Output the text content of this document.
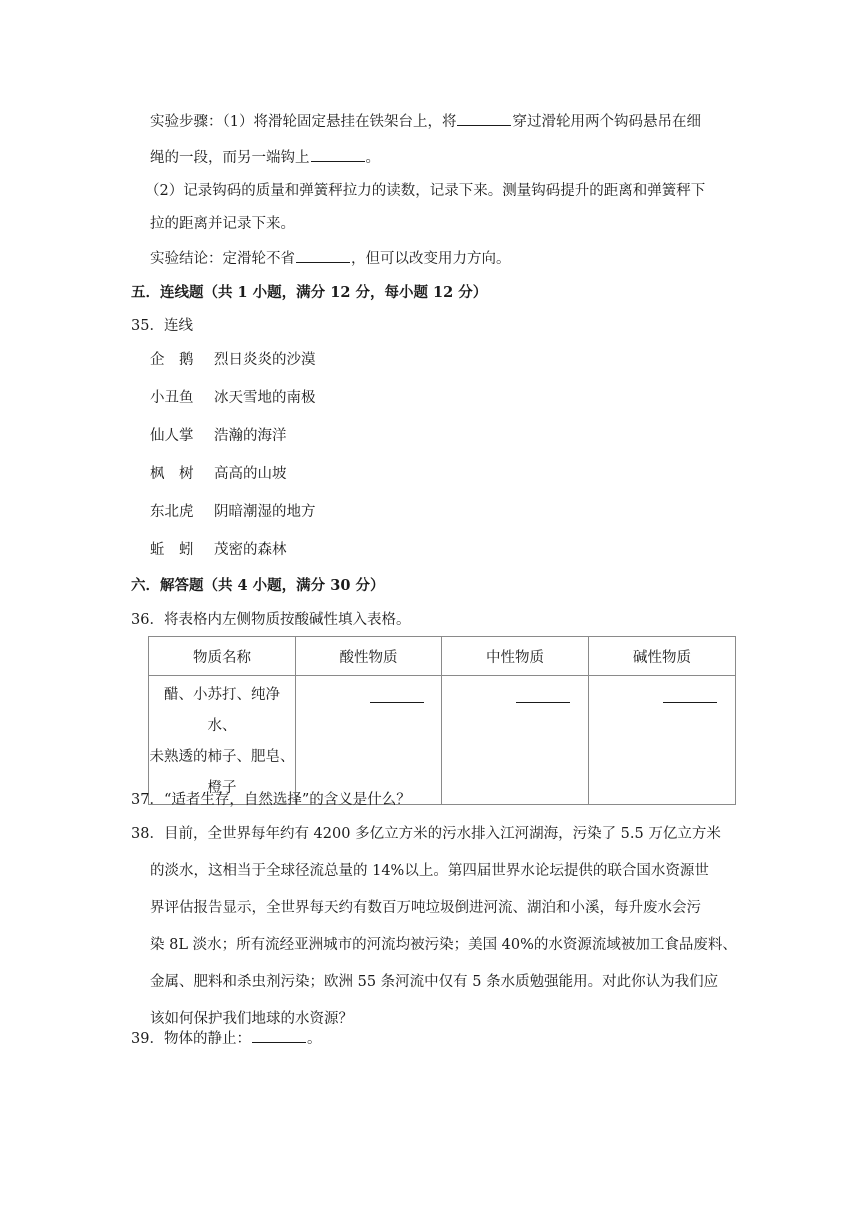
实验步骤：（1）将滑轮固定悬挂在铁架台上，将	穿过滑轮用两个钩码悬吊在细
绳的一段，而另一端钩上	。
（2）记录钩码的质量和弹簧秤拉力的读数，记录下来。测量钩码提升的距离和弹簧秤下
拉的距离并记录下来。
实验结论：定滑轮不省	，但可以改变用力方向。
五．连线题（共 1 小题，满分 12 分，每小题 12 分）
35．连线
企　鹅 烈日炎炎的沙漠
小丑鱼 冰天雪地的南极
仙人掌 浩瀚的海洋
枫　树 高高的山坡
东北虎 阴暗潮湿的地方
蚯　蚓 茂密的森林
六．解答题（共 4 小题，满分 30 分）
36．将表格内左侧物质按酸碱性填入表格。
物质名称	酸性物质	中性物质	碱性物质

醋、小苏打、纯净 水、
未熟透的柿子、肥皂、
橙子			

37．“适者生存，自然选择”的含义是什么？
38．目前，全世界每年约有 4200 多亿立方米的污水排入江河湖海，污染了 5.5 万亿立方米
的淡水，这相当于全球径流总量的 14%以上。第四届世界水论坛提供的联合国水资源世
界评估报告显示，全世界每天约有数百万吨垃圾倒进河流、湖泊和小溪，每升废水会污
染 8L 淡水；所有流经亚洲城市的河流均被污染；美国 40%的水资源流域被加工食品废料、
金属、肥料和杀虫剂污染；欧洲 55 条河流中仅有 5 条水质勉强能用。对此你认为我们应
该如何保护我们地球的水资源？
39．物体的静止：	。
